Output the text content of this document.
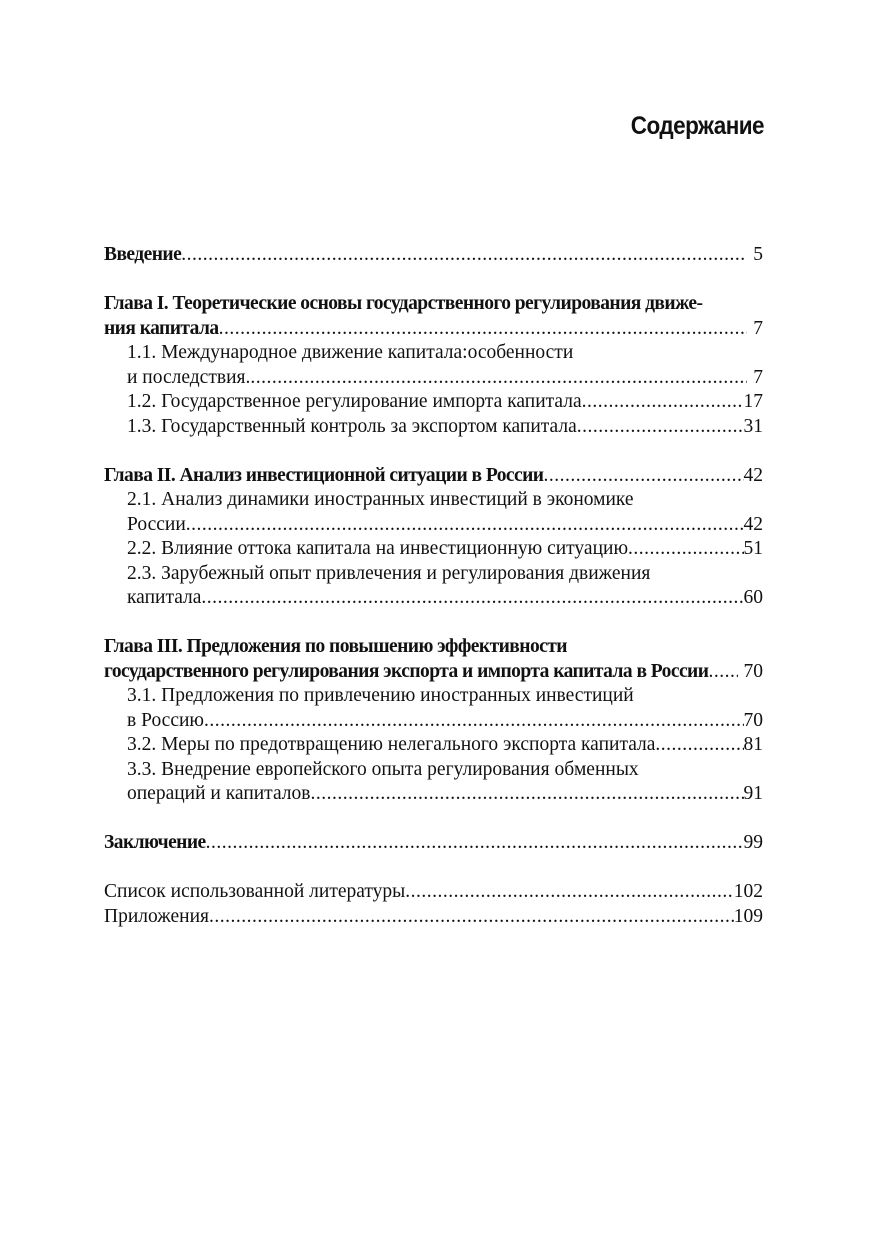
Содержание
Введение .....	5
Глава I. Теоретические основы государственного регулирования движе-
ния капитала .....	7
1.1. Международное движение капитала:особенности
и последствия. .....	7
1.2. Государственное регулирование импорта капитала .....	17
1.3. Государственный контроль за экспортом капитала .....	31
Глава II. Анализ инвестиционной ситуации в России .....	42
2.1. Анализ динамики иностранных инвестиций в экономике
России .....	42
2.2. Влияние оттока капитала на инвестиционную ситуацию .....	51
2.3. Зарубежный опыт привлечения и регулирования движения
капитала .....	60
Глава III. Предложения по повышению эффективности
государственного регулирования экспорта и импорта капитала в России .....	70
3.1. Предложения по привлечению иностранных инвестиций
в Россию .....	70
3.2. Меры по предотвращению нелегального экспорта капитала .....	81
3.3. Внедрение европейского опыта регулирования обменных
операций и капиталов .....	91
Заключение .....	99
Список использованной литературы .....	102
Приложения .....	109
